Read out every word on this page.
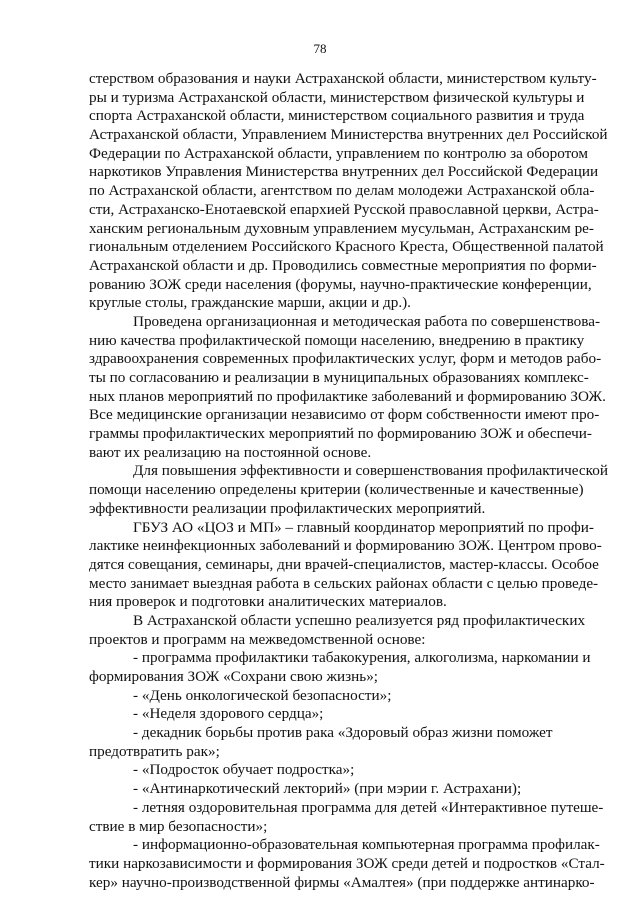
78
стерством образования и науки Астраханской области, министерством культу-
ры и туризма Астраханской области, министерством физической культуры и
спорта Астраханской области, министерством социального развития и труда
Астраханской области, Управлением Министерства внутренних дел Российской
Федерации по Астраханской области, управлением по контролю за оборотом
наркотиков Управления Министерства внутренних дел Российской Федерации
по Астраханской области, агентством по делам молодежи Астраханской обла-
сти, Астраханско-Енотаевской епархией Русской православной церкви, Астра-
ханским региональным духовным управлением мусульман, Астраханским ре-
гиональным отделением Российского Красного Креста, Общественной палатой
Астраханской области и др. Проводились совместные мероприятия по форми-
рованию ЗОЖ среди населения (форумы, научно-практические конференции,
круглые столы, гражданские марши, акции и др.).
Проведена организационная и методическая работа по совершенствова-
нию качества профилактической помощи населению, внедрению в практику
здравоохранения современных профилактических услуг, форм и методов рабо-
ты по согласованию и реализации в муниципальных образованиях комплекс-
ных планов мероприятий по профилактике заболеваний и формированию ЗОЖ.
Все медицинские организации независимо от форм собственности имеют про-
граммы профилактических мероприятий по формированию ЗОЖ и обеспечи-
вают их реализацию на постоянной основе.
Для повышения эффективности и совершенствования профилактической
помощи населению определены критерии (количественные и качественные)
эффективности реализации профилактических мероприятий.
ГБУЗ АО «ЦОЗ и МП» – главный координатор мероприятий по профи-
лактике неинфекционных заболеваний и формированию ЗОЖ. Центром прово-
дятся совещания, семинары, дни врачей-специалистов, мастер-классы. Особое
место занимает выездная работа в сельских районах области с целью проведе-
ния проверок и подготовки аналитических материалов.
В Астраханской области успешно реализуется ряд профилактических
проектов и программ на межведомственной основе:
- программа профилактики табакокурения, алкоголизма, наркомании и
формирования ЗОЖ «Сохрани свою жизнь»;
- «День онкологической безопасности»;
- «Неделя здорового сердца»;
- декадник борьбы против рака «Здоровый образ жизни поможет
предотвратить рак»;
- «Подросток обучает подростка»;
- «Антинаркотический лекторий» (при мэрии г. Астрахани);
- летняя оздоровительная программа для детей «Интерактивное путеше-
ствие в мир безопасности»;
- информационно-образовательная компьютерная программа профилак-
тики наркозависимости и формирования ЗОЖ среди детей и подростков «Стал-
кер» научно-производственной фирмы «Амалтея» (при поддержке антинарко-
